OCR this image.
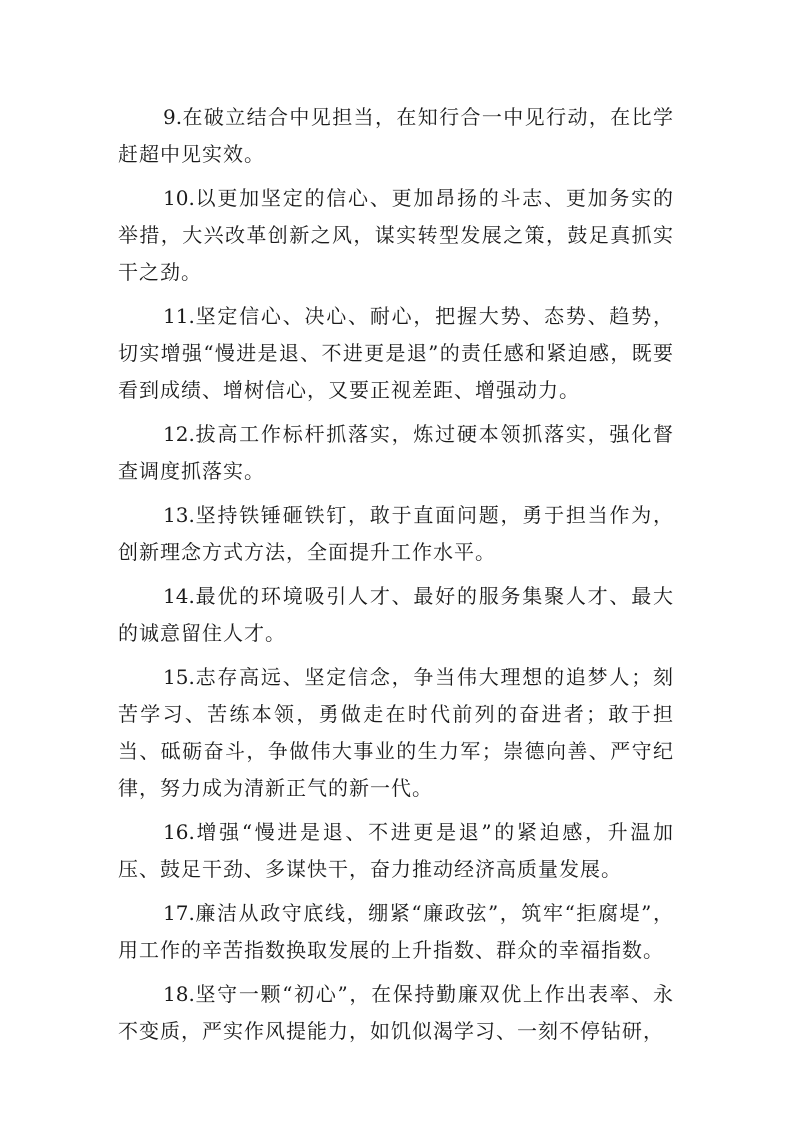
9.在破立结合中见担当，在知行合一中见行动，在比学赶超中见实效。

10.以更加坚定的信心、更加昂扬的斗志、更加务实的举措，大兴改革创新之风，谋实转型发展之策，鼓足真抓实干之劲。

11.坚定信心、决心、耐心，把握大势、态势、趋势，切实增强“慢进是退、不进更是退”的责任感和紧迫感，既要看到成绩、增树信心，又要正视差距、增强动力。

12.拔高工作标杆抓落实，炼过硬本领抓落实，强化督查调度抓落实。

13.坚持铁锤砸铁钉，敢于直面问题，勇于担当作为，创新理念方式方法，全面提升工作水平。

14.最优的环境吸引人才、最好的服务集聚人才、最大的诚意留住人才。

15.志存高远、坚定信念，争当伟大理想的追梦人；刻苦学习、苦练本领，勇做走在时代前列的奋进者；敢于担当、砥砺奋斗，争做伟大事业的生力军；崇德向善、严守纪律，努力成为清新正气的新一代。

16.增强“慢进是退、不进更是退”的紧迫感，升温加压、鼓足干劲、多谋快干，奋力推动经济高质量发展。

17.廉洁从政守底线，绷紧“廉政弦”，筑牢“拒腐堤”，用工作的辛苦指数换取发展的上升指数、群众的幸福指数。

18.坚守一颗“初心”，在保持勤廉双优上作出表率、永不变质，严实作风提能力，如饥似渴学习、一刻不停钻研，
